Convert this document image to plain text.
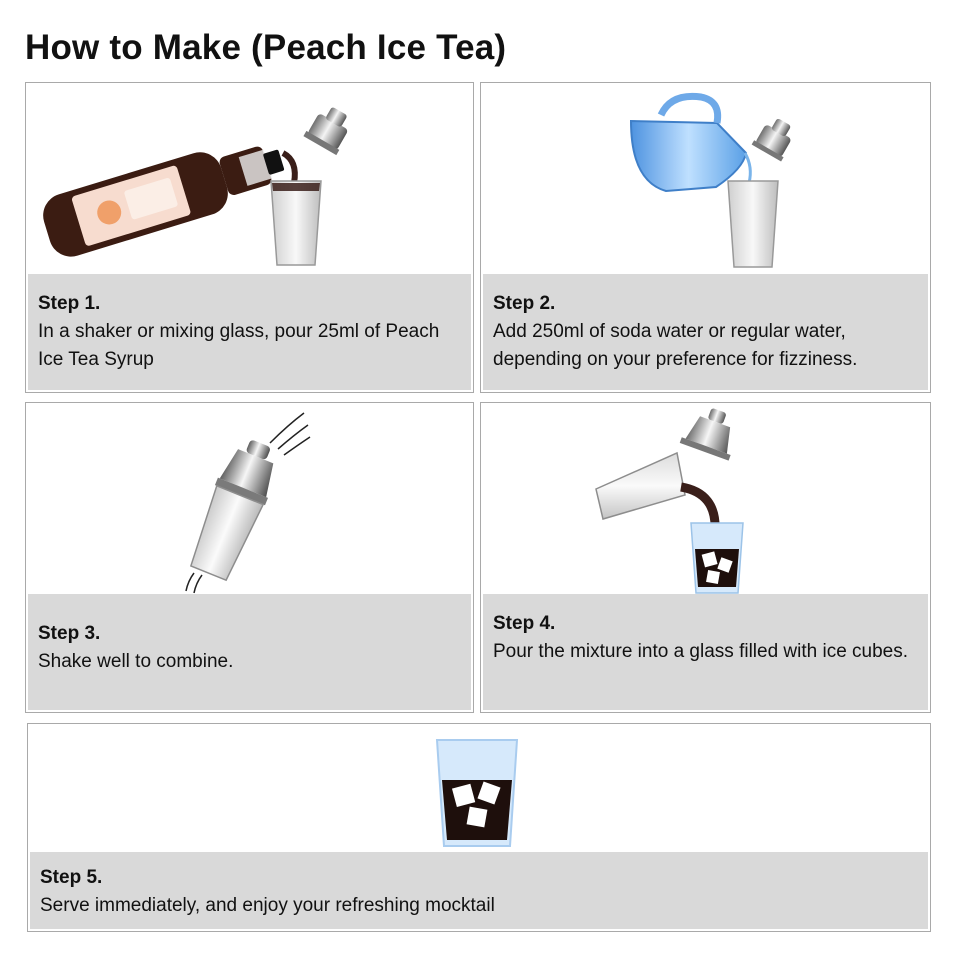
How to Make (Peach Ice Tea)
Step 1.
In a shaker or mixing glass, pour 25ml of Peach Ice Tea Syrup
Step 2.
Add 250ml of soda water or regular water, depending on your preference for fizziness.
Step 3.
Shake well to combine.
Step 4.
Pour the mixture into a glass filled with ice cubes.
Step 5.
Serve immediately, and enjoy your refreshing mocktail
